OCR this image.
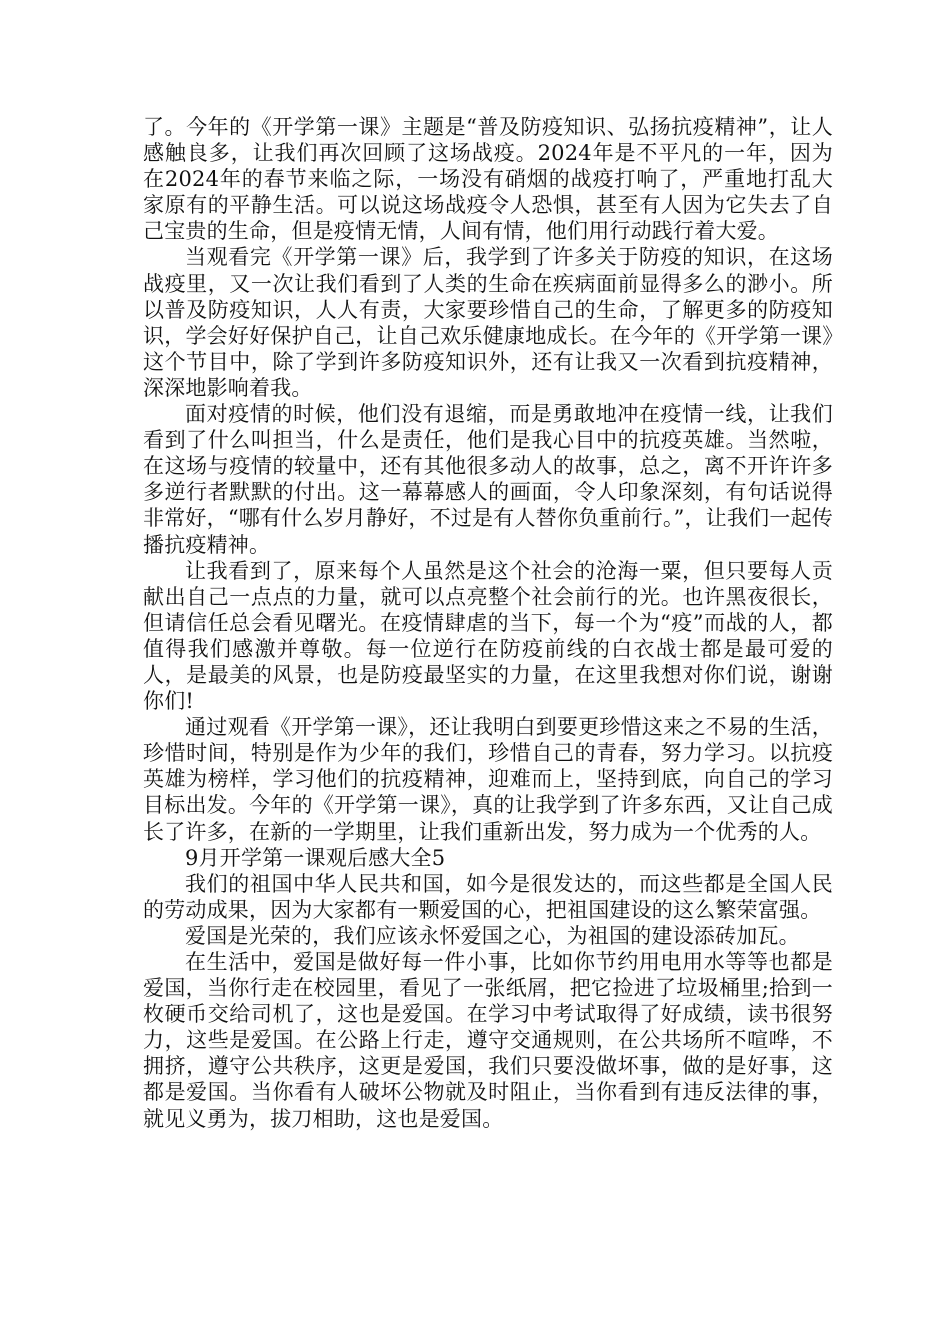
了。今年的《开学第一课》主题是“普及防疫知识、弘扬抗疫精神”，让人感触良多，让我们再次回顾了这场战疫。2024年是不平凡的一年，因为在2024年的春节来临之际，一场没有硝烟的战疫打响了，严重地打乱大家原有的平静生活。可以说这场战疫令人恐惧，甚至有人因为它失去了自己宝贵的生命，但是疫情无情，人间有情，他们用行动践行着大爱。

当观看完《开学第一课》后，我学到了许多关于防疫的知识，在这场战疫里，又一次让我们看到了人类的生命在疾病面前显得多么的渺小。所以普及防疫知识，人人有责，大家要珍惜自己的生命，了解更多的防疫知识，学会好好保护自己，让自己欢乐健康地成长。在今年的《开学第一课》这个节目中，除了学到许多防疫知识外，还有让我又一次看到抗疫精神，深深地影响着我。

面对疫情的时候，他们没有退缩，而是勇敢地冲在疫情一线，让我们看到了什么叫担当，什么是责任，他们是我心目中的抗疫英雄。当然啦，在这场与疫情的较量中，还有其他很多动人的故事，总之，离不开许许多多逆行者默默的付出。这一幕幕感人的画面，令人印象深刻，有句话说得非常好，“哪有什么岁月静好，不过是有人替你负重前行。”，让我们一起传播抗疫精神。

让我看到了，原来每个人虽然是这个社会的沧海一粟，但只要每人贡献出自己一点点的力量，就可以点亮整个社会前行的光。也许黑夜很长，但请信任总会看见曙光。在疫情肆虐的当下，每一个为“疫”而战的人，都值得我们感激并尊敬。每一位逆行在防疫前线的白衣战士都是最可爱的人，是最美的风景，也是防疫最坚实的力量，在这里我想对你们说，谢谢你们!

通过观看《开学第一课》，还让我明白到要更珍惜这来之不易的生活，珍惜时间，特别是作为少年的我们，珍惜自己的青春，努力学习。以抗疫英雄为榜样，学习他们的抗疫精神，迎难而上，坚持到底，向自己的学习目标出发。今年的《开学第一课》，真的让我学到了许多东西，又让自己成长了许多，在新的一学期里，让我们重新出发，努力成为一个优秀的人。

9月开学第一课观后感大全5

我们的祖国中华人民共和国，如今是很发达的，而这些都是全国人民的劳动成果，因为大家都有一颗爱国的心，把祖国建设的这么繁荣富强。

爱国是光荣的，我们应该永怀爱国之心，为祖国的建设添砖加瓦。

在生活中，爱国是做好每一件小事，比如你节约用电用水等等也都是爱国，当你行走在校园里，看见了一张纸屑，把它捡进了垃圾桶里;拾到一枚硬币交给司机了，这也是爱国。在学习中考试取得了好成绩，读书很努力，这些是爱国。在公路上行走，遵守交通规则，在公共场所不喧哗，不拥挤，遵守公共秩序，这更是爱国，我们只要没做坏事，做的是好事，这都是爱国。当你看有人破坏公物就及时阻止，当你看到有违反法律的事，就见义勇为，拔刀相助，这也是爱国。
